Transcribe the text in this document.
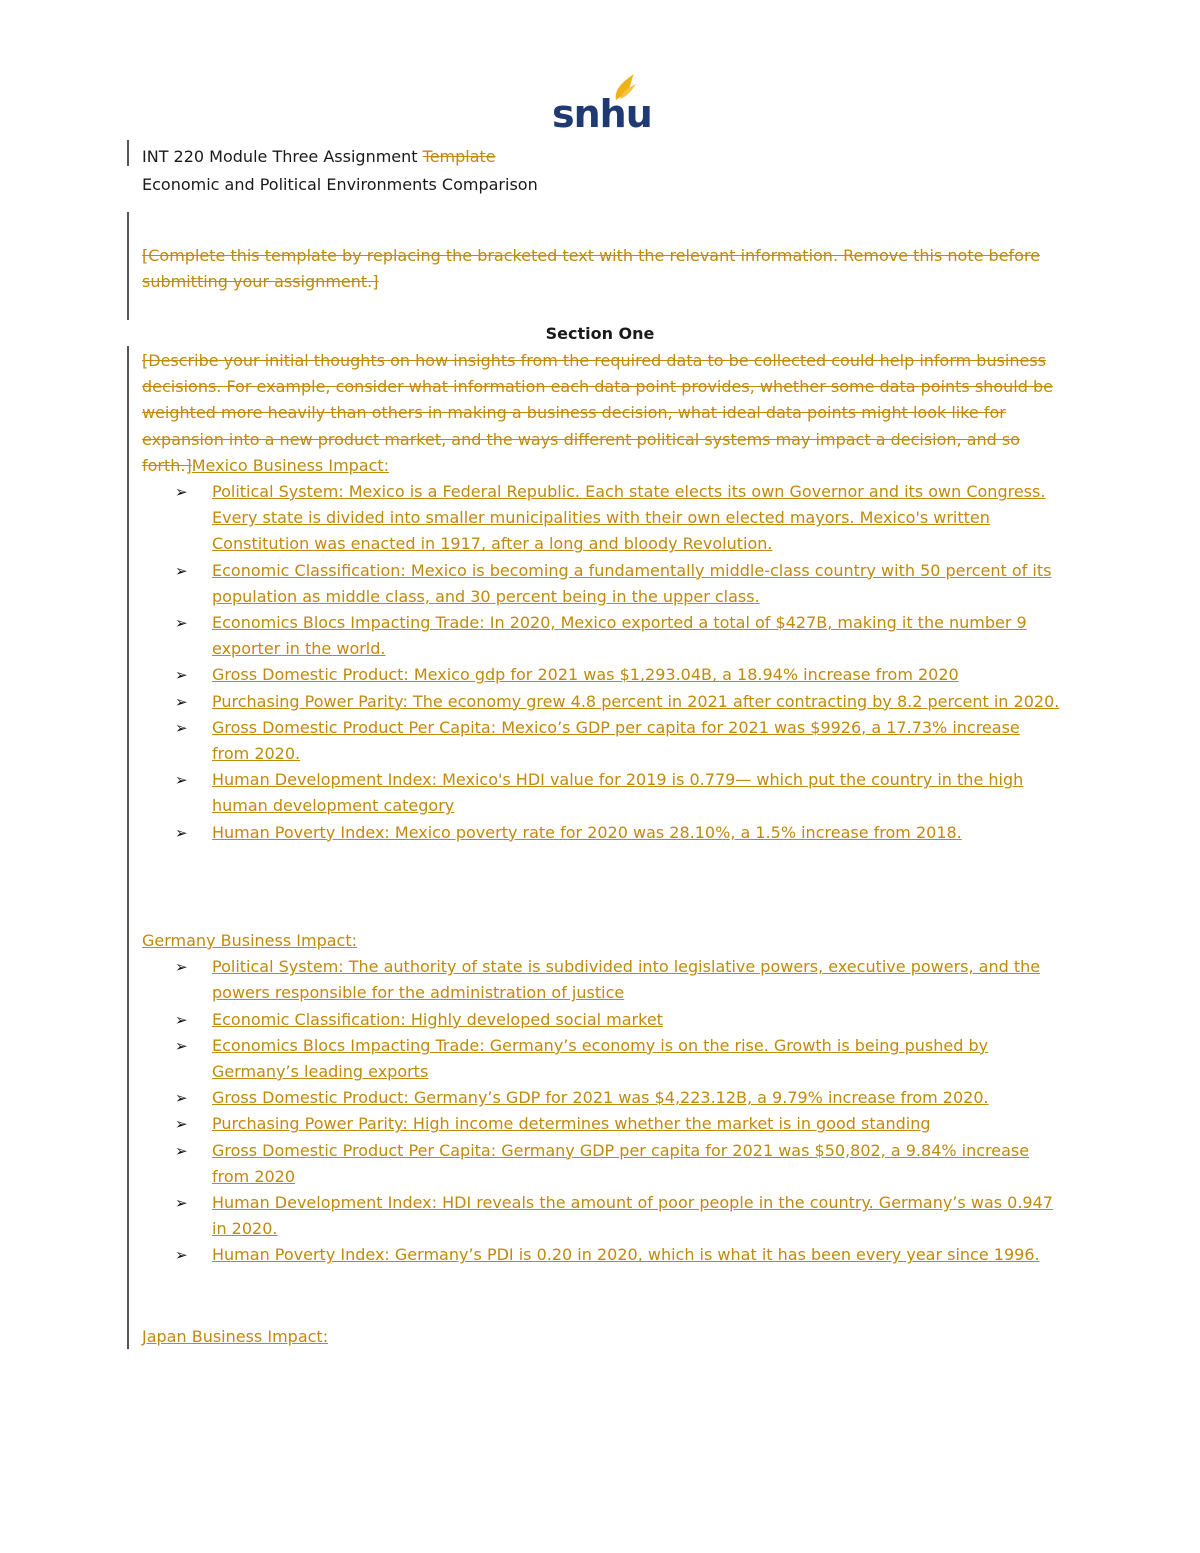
snhu
INT 220 Module Three Assignment Template
Economic and Political Environments Comparison
[Complete this template by replacing the bracketed text with the relevant information. Remove this note before submitting your assignment.]
Section One
[Describe your initial thoughts on how insights from the required data to be collected could help inform business decisions. For example, consider what information each data point provides, whether some data points should be weighted more heavily than others in making a business decision, what ideal data points might look like for expansion into a new product market, and the ways different political systems may impact a decision, and so forth.]Mexico Business Impact:
➢ Political System: Mexico is a Federal Republic. Each state elects its own Governor and its own Congress. Every state is divided into smaller municipalities with their own elected mayors. Mexico's written Constitution was enacted in 1917, after a long and bloody Revolution.
➢ Economic Classification: Mexico is becoming a fundamentally middle-class country with 50 percent of its population as middle class, and 30 percent being in the upper class.
➢ Economics Blocs Impacting Trade: In 2020, Mexico exported a total of $427B, making it the number 9 exporter in the world.
➢ Gross Domestic Product: Mexico gdp for 2021 was $1,293.04B, a 18.94% increase from 2020
➢ Purchasing Power Parity: The economy grew 4.8 percent in 2021 after contracting by 8.2 percent in 2020.
➢ Gross Domestic Product Per Capita: Mexico’s GDP per capita for 2021 was $9926, a 17.73% increase from 2020.
➢ Human Development Index: Mexico's HDI value for 2019 is 0.779— which put the country in the high human development category
➢ Human Poverty Index: Mexico poverty rate for 2020 was 28.10%, a 1.5% increase from 2018.
Germany Business Impact:
➢ Political System: The authority of state is subdivided into legislative powers, executive powers, and the powers responsible for the administration of justice
➢ Economic Classification: Highly developed social market
➢ Economics Blocs Impacting Trade: Germany’s economy is on the rise. Growth is being pushed by Germany’s leading exports
➢ Gross Domestic Product: Germany’s GDP for 2021 was $4,223.12B, a 9.79% increase from 2020.
➢ Purchasing Power Parity: High income determines whether the market is in good standing
➢ Gross Domestic Product Per Capita: Germany GDP per capita for 2021 was $50,802, a 9.84% increase from 2020
➢ Human Development Index: HDI reveals the amount of poor people in the country. Germany’s was 0.947 in 2020.
➢ Human Poverty Index: Germany’s PDI is 0.20 in 2020, which is what it has been every year since 1996.
Japan Business Impact:
